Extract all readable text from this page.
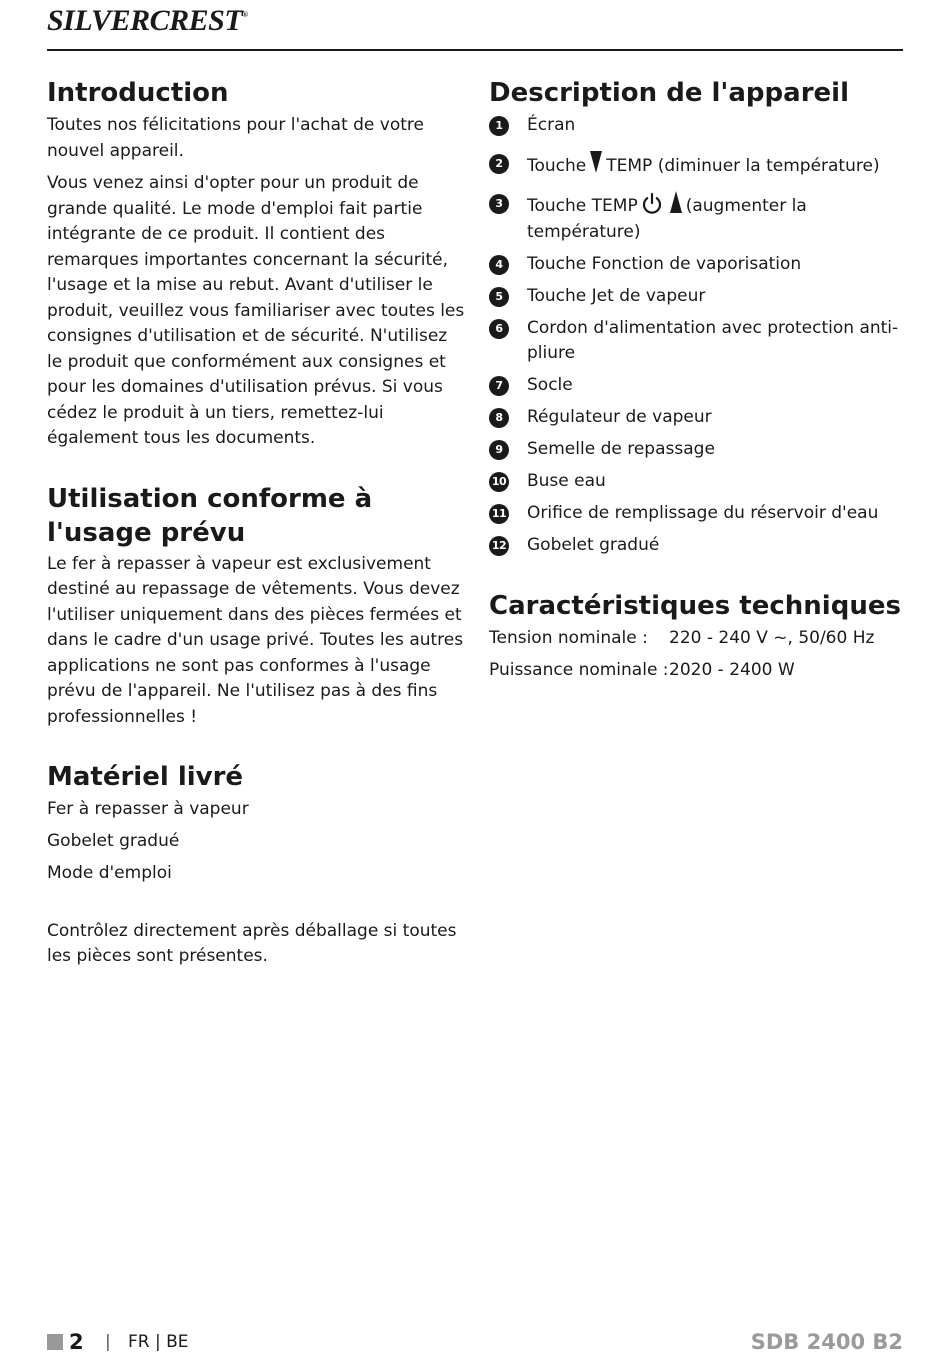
SILVERCREST®
Introduction

Toutes nos félicitations pour l'achat de votre nouvel appareil.

Vous venez ainsi d'opter pour un produit de grande qualité. Le mode d'emploi fait partie intégrante de ce produit. Il contient des remarques importantes concernant la sécurité, l'usage et la mise au rebut. Avant d'utiliser le produit, veuillez vous familiariser avec toutes les consignes d'utilisation et de sécurité. N'utilisez le produit que conformément aux consignes et pour les domaines d'utilisation prévus. Si vous cédez le produit à un tiers, remettez-lui également tous les documents.

Utilisation conforme à l'usage prévu

Le fer à repasser à vapeur est exclusivement destiné au repassage de vêtements. Vous devez l'utiliser uniquement dans des pièces fermées et dans le cadre d'un usage privé. Toutes les autres applications ne sont pas conformes à l'usage prévu de l'appareil. Ne l'utilisez pas à des fins professionnelles !

Matériel livré
Fer à repasser à vapeur
Gobelet gradué
Mode d'emploi

Contrôlez directement après déballage si toutes les pièces sont présentes.

Description de l'appareil
1	Écran
2	Touche TEMP (diminuer la température)
3	Touche TEMP	(augmenter la température)
4	Touche Fonction de vaporisation
5	Touche Jet de vapeur
6	Cordon d'alimentation avec protection anti-pliure
7	Socle
8	Régulateur de vapeur
9	Semelle de repassage
10 Buse eau
11 Orifice de remplissage du réservoir d'eau
12 Gobelet gradué
Caractéristiques techniques
Tension nominale :	220 - 240 V ~, 50/60 Hz
Puissance nominale : 2020 - 2400 W
2 | FR | BE	SDB 2400 B2
